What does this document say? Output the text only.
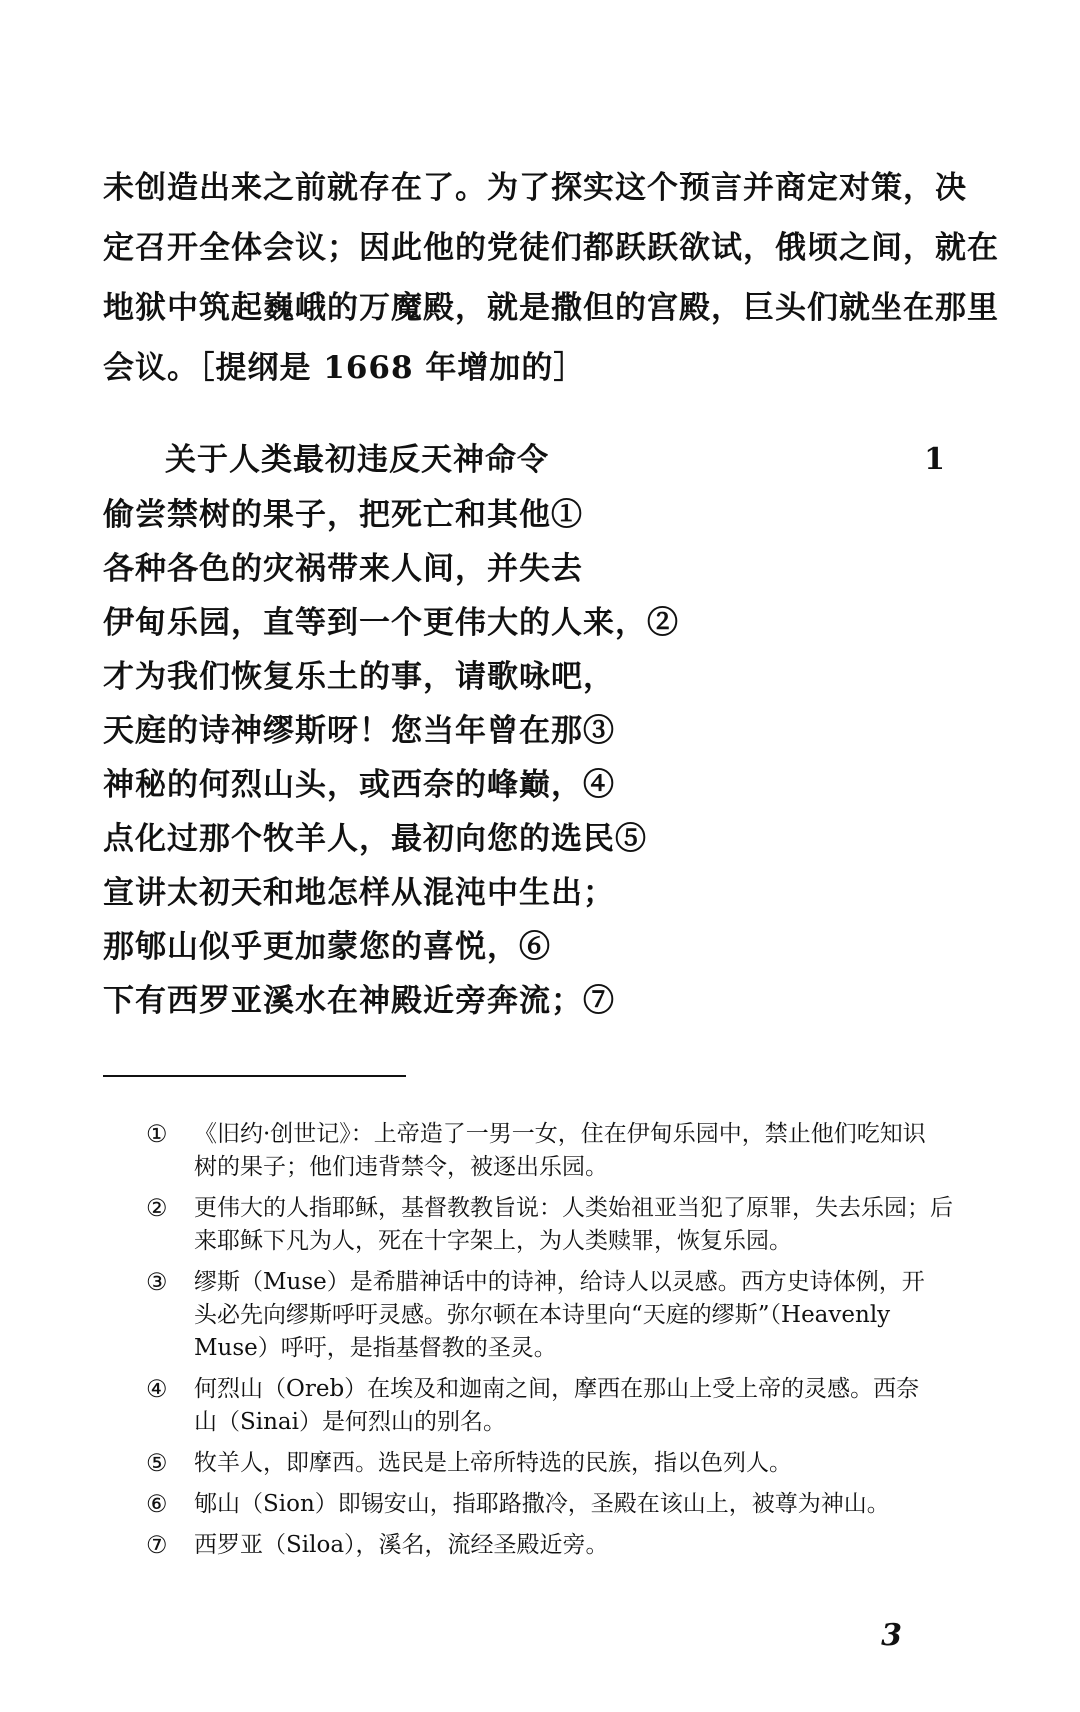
未创造出来之前就存在了。为了探实这个预言并商定对策，决
定召开全体会议；因此他的党徒们都跃跃欲试，俄顷之间，就在
地狱中筑起巍峨的万魔殿，就是撒但的宫殿，巨头们就坐在那里
会议。［提纲是 1668 年增加的］
关于人类最初违反天神命令	1
偷尝禁树的果子，把死亡和其他①
各种各色的灾祸带来人间，并失去
伊甸乐园，直等到一个更伟大的人来，②
才为我们恢复乐土的事，请歌咏吧，
天庭的诗神缪斯呀！您当年曾在那③
神秘的何烈山头，或西奈的峰巅，④
点化过那个牧羊人，最初向您的选民⑤
宣讲太初天和地怎样从混沌中生出；
那郇山似乎更加蒙您的喜悦，⑥
下有西罗亚溪水在神殿近旁奔流；⑦
① 《旧约·创世记》：上帝造了一男一女，住在伊甸乐园中，禁止他们吃知识
树的果子；他们违背禁令，被逐出乐园。
② 更伟大的人指耶稣，基督教教旨说：人类始祖亚当犯了原罪，失去乐园；后
来耶稣下凡为人，死在十字架上，为人类赎罪，恢复乐园。
③ 缪斯（Muse）是希腊神话中的诗神，给诗人以灵感。西方史诗体例，开
头必先向缪斯呼吁灵感。弥尔顿在本诗里向“天庭的缪斯”（Heavenly
Muse）呼吁，是指基督教的圣灵。
④ 何烈山（Oreb）在埃及和迦南之间，摩西在那山上受上帝的灵感。西奈
山（Sinai）是何烈山的别名。
⑤ 牧羊人，即摩西。选民是上帝所特选的民族，指以色列人。
⑥ 郇山（Sion）即锡安山，指耶路撒冷，圣殿在该山上，被尊为神山。
⑦ 西罗亚（Siloa），溪名，流经圣殿近旁。
3
